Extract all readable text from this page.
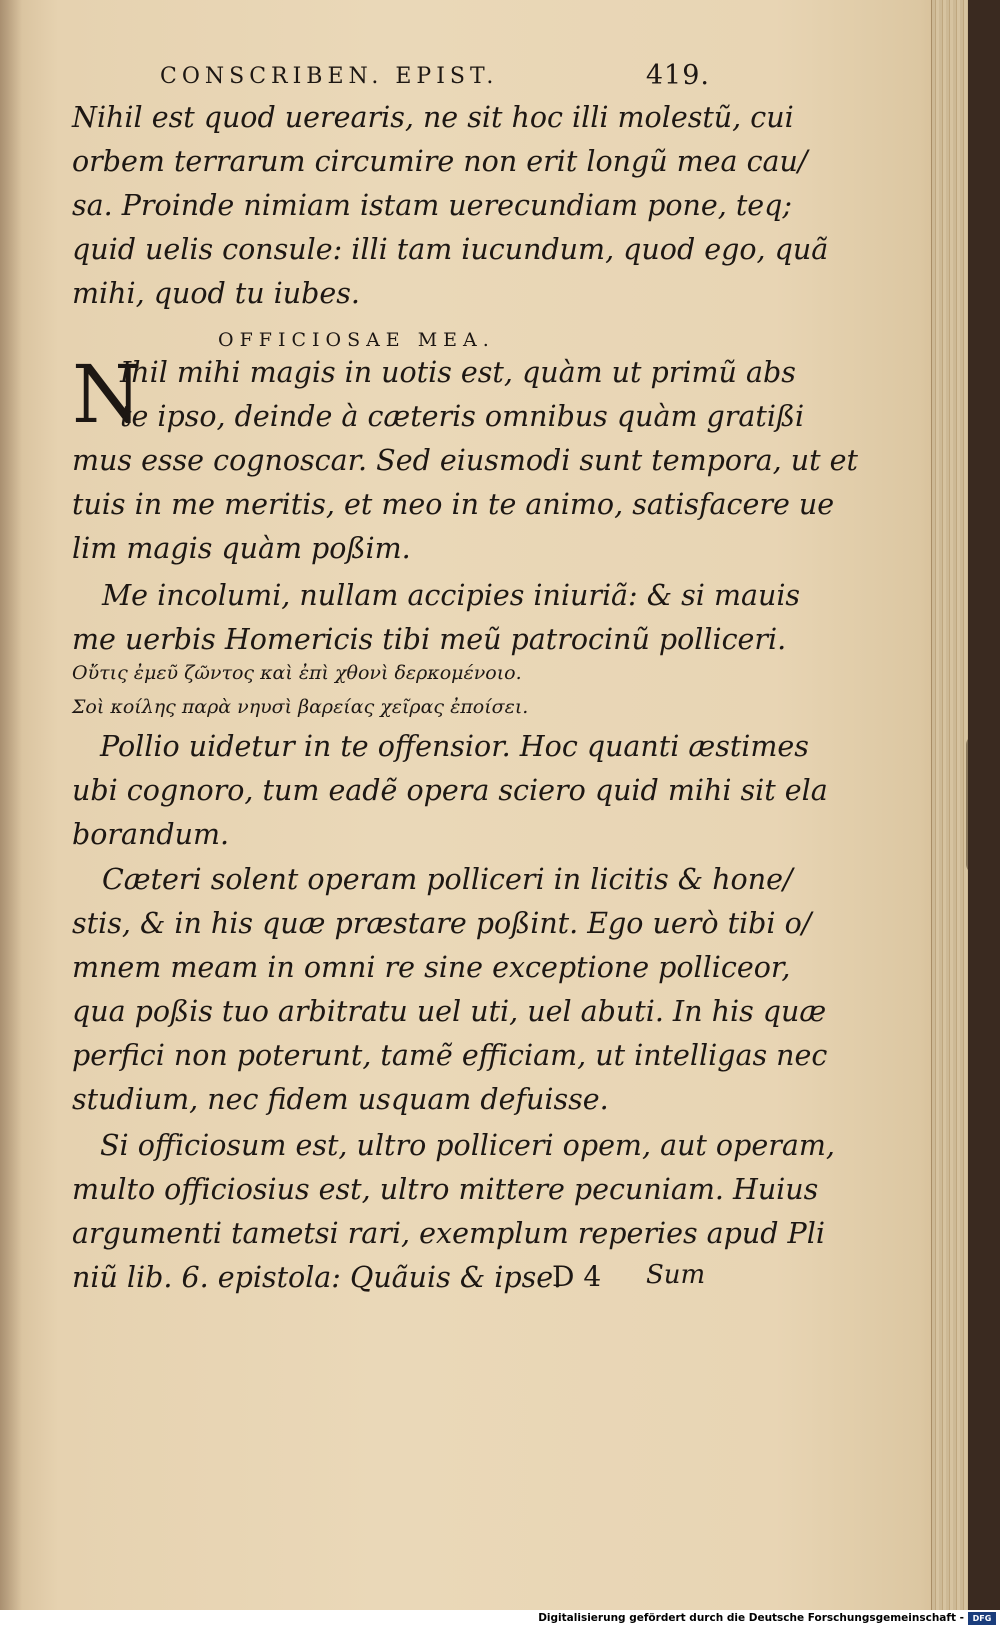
CONSCRIBEN. EPIST.	419.
Nihil est quod uerearis, ne sit hoc illi molestũ, cui
orbem terrarum circumire non erit longũ mea cau/
sa. Proinde nimiam istam uerecundiam pone, teq;
quid uelis consule: illi tam iucundum, quod ego, quã
mihi, quod tu iubes.
OFFICIOSAE MEA.
N
Ihil mihi magis in uotis est, quàm ut primũ abs
te ipso, deinde à cæteris omnibus quàm gratißi
mus esse cognoscar. Sed eiusmodi sunt tempora, ut et
tuis in me meritis, et meo in te animo, satisfacere ue
lim magis quàm poßim.
Me incolumi, nullam accipies iniuriã: & si mauis
me uerbis Homericis tibi meũ patrocinũ polliceri.
Οὔτις ἐμεῦ ζῶντος καὶ ἐπὶ χθονὶ δερκομένοιο.
Σοὶ κοίλης παρὰ νηυσὶ βαρείας χεῖρας ἐποίσει.
Pollio uidetur in te offensior. Hoc quanti æstimes
ubi cognoro, tum eadẽ opera sciero quid mihi sit ela
borandum.
Cæteri solent operam polliceri in licitis & hone/
stis, & in his quæ præstare poßint. Ego uerò tibi o/
mnem meam in omni re sine exceptione polliceor,
qua poßis tuo arbitratu uel uti, uel abuti. In his quæ
perfici non poterunt, tamẽ efficiam, ut intelligas nec
studium, nec fidem usquam defuisse.
Si officiosum est, ultro polliceri opem, aut operam,
multo officiosius est, ultro mittere pecuniam. Huius
argumenti tametsi rari, exemplum reperies apud Pli
niũ lib. 6. epistola: Quãuis & ipse.
D 4 Sum
Digitalisierung gefördert durch die Deutsche Forschungsgemeinschaft -	DFG
